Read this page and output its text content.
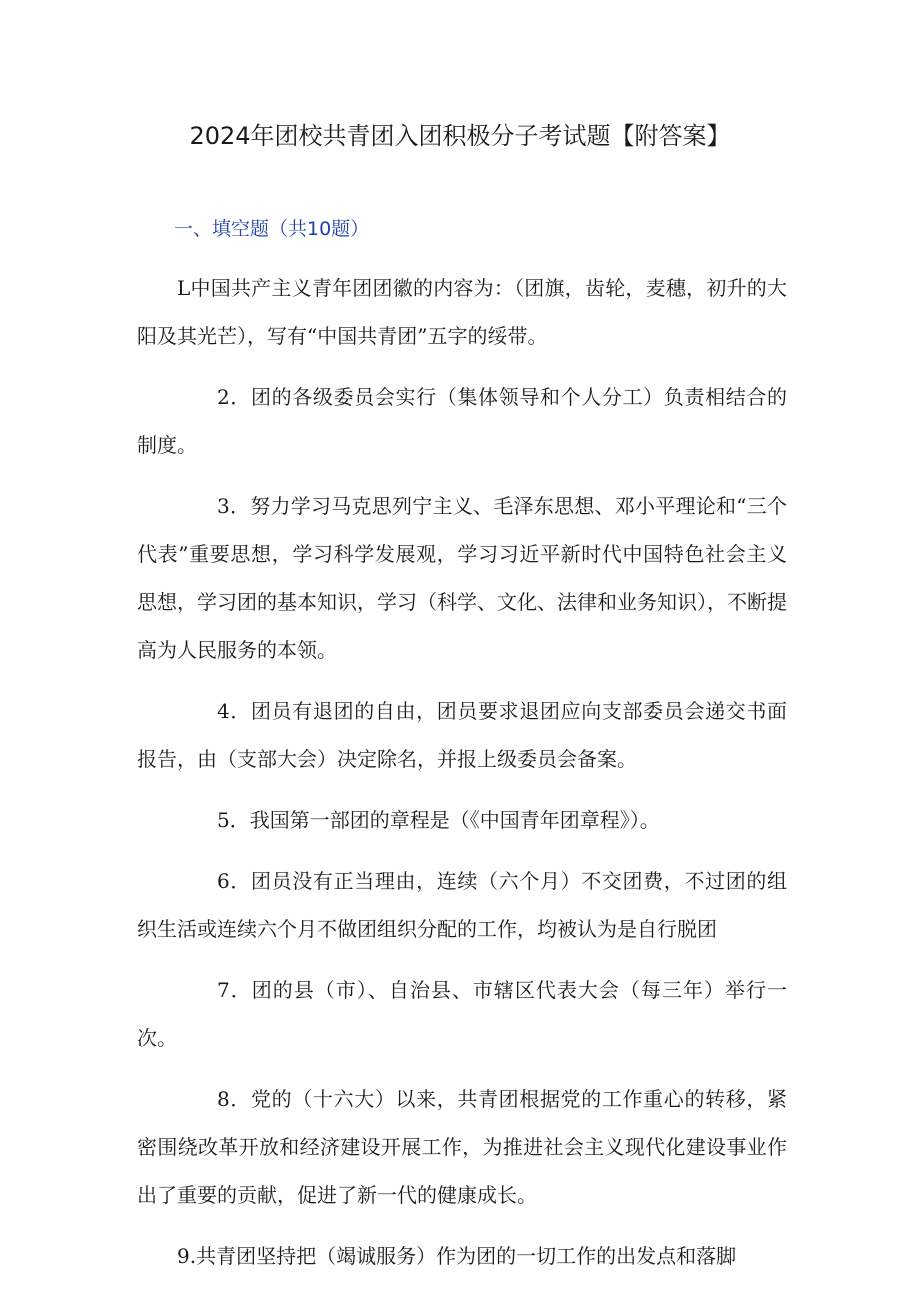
2024年团校共青团入团积极分子考试题【附答案】
一、填空题（共10题）

L中国共产主义青年团团徽的内容为：（团旗，齿轮，麦穗，初升的大阳及其光芒），写有“中国共青团”五字的绥带。

2．团的各级委员会实行（集体领导和个人分工）负责相结合的制度。

3．努力学习马克思列宁主义、毛泽东思想、邓小平理论和“三个代表”重要思想，学习科学发展观，学习习近平新时代中国特色社会主义思想，学习团的基本知识，学习（科学、文化、法律和业务知识），不断提高为人民服务的本领。

4．团员有退团的自由，团员要求退团应向支部委员会递交书面报告，由（支部大会）决定除名，并报上级委员会备案。

5．我国第一部团的章程是（《中国青年团章程》）。

6．团员没有正当理由，连续（六个月）不交团费，不过团的组织生活或连续六个月不做团组织分配的工作，均被认为是自行脱团

7．团的县（市）、自治县、市辖区代表大会（每三年）举行一次。

8．党的（十六大）以来，共青团根据党的工作重心的转移，紧密围绕改革开放和经济建设开展工作，为推进社会主义现代化建设事业作出了重要的贡献，促进了新一代的健康成长。

9.共青团坚持把（竭诚服务）作为团的一切工作的出发点和落脚
